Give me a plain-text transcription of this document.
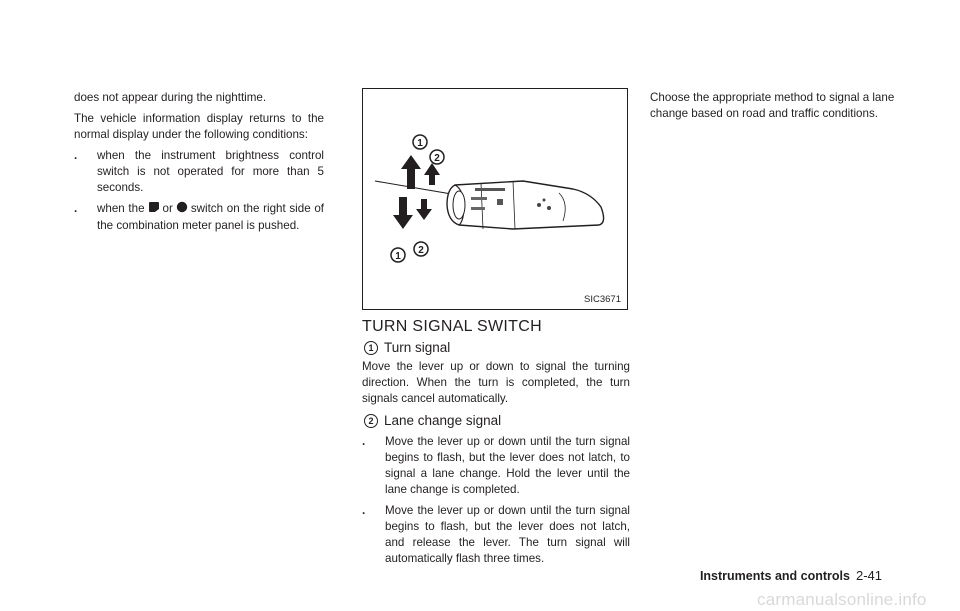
does not appear during the nighttime.

The vehicle information display returns to the normal display under the following conditions:

.	when the instrument brightness control switch is not operated for more than 5 seconds.
.	when the or switch on the right side of the combination meter panel is pushed.
1
2
1
2
SIC3671
TURN SIGNAL SWITCH
1 Turn signal

Move the lever up or down to signal the turning direction. When the turn is completed, the turn signals cancel automatically.

2 Lane change signal
.	Move the lever up or down until the turn signal begins to flash, but the lever does not latch, to signal a lane change. Hold the lever until the lane change is completed.
.	Move the lever up or down until the turn signal begins to flash, but the lever does not latch, and release the lever. The turn signal will automatically flash three times.

Choose the appropriate method to signal a lane change based on road and traffic conditions.

Instruments and controls 2-41
carmanualsonline.info
